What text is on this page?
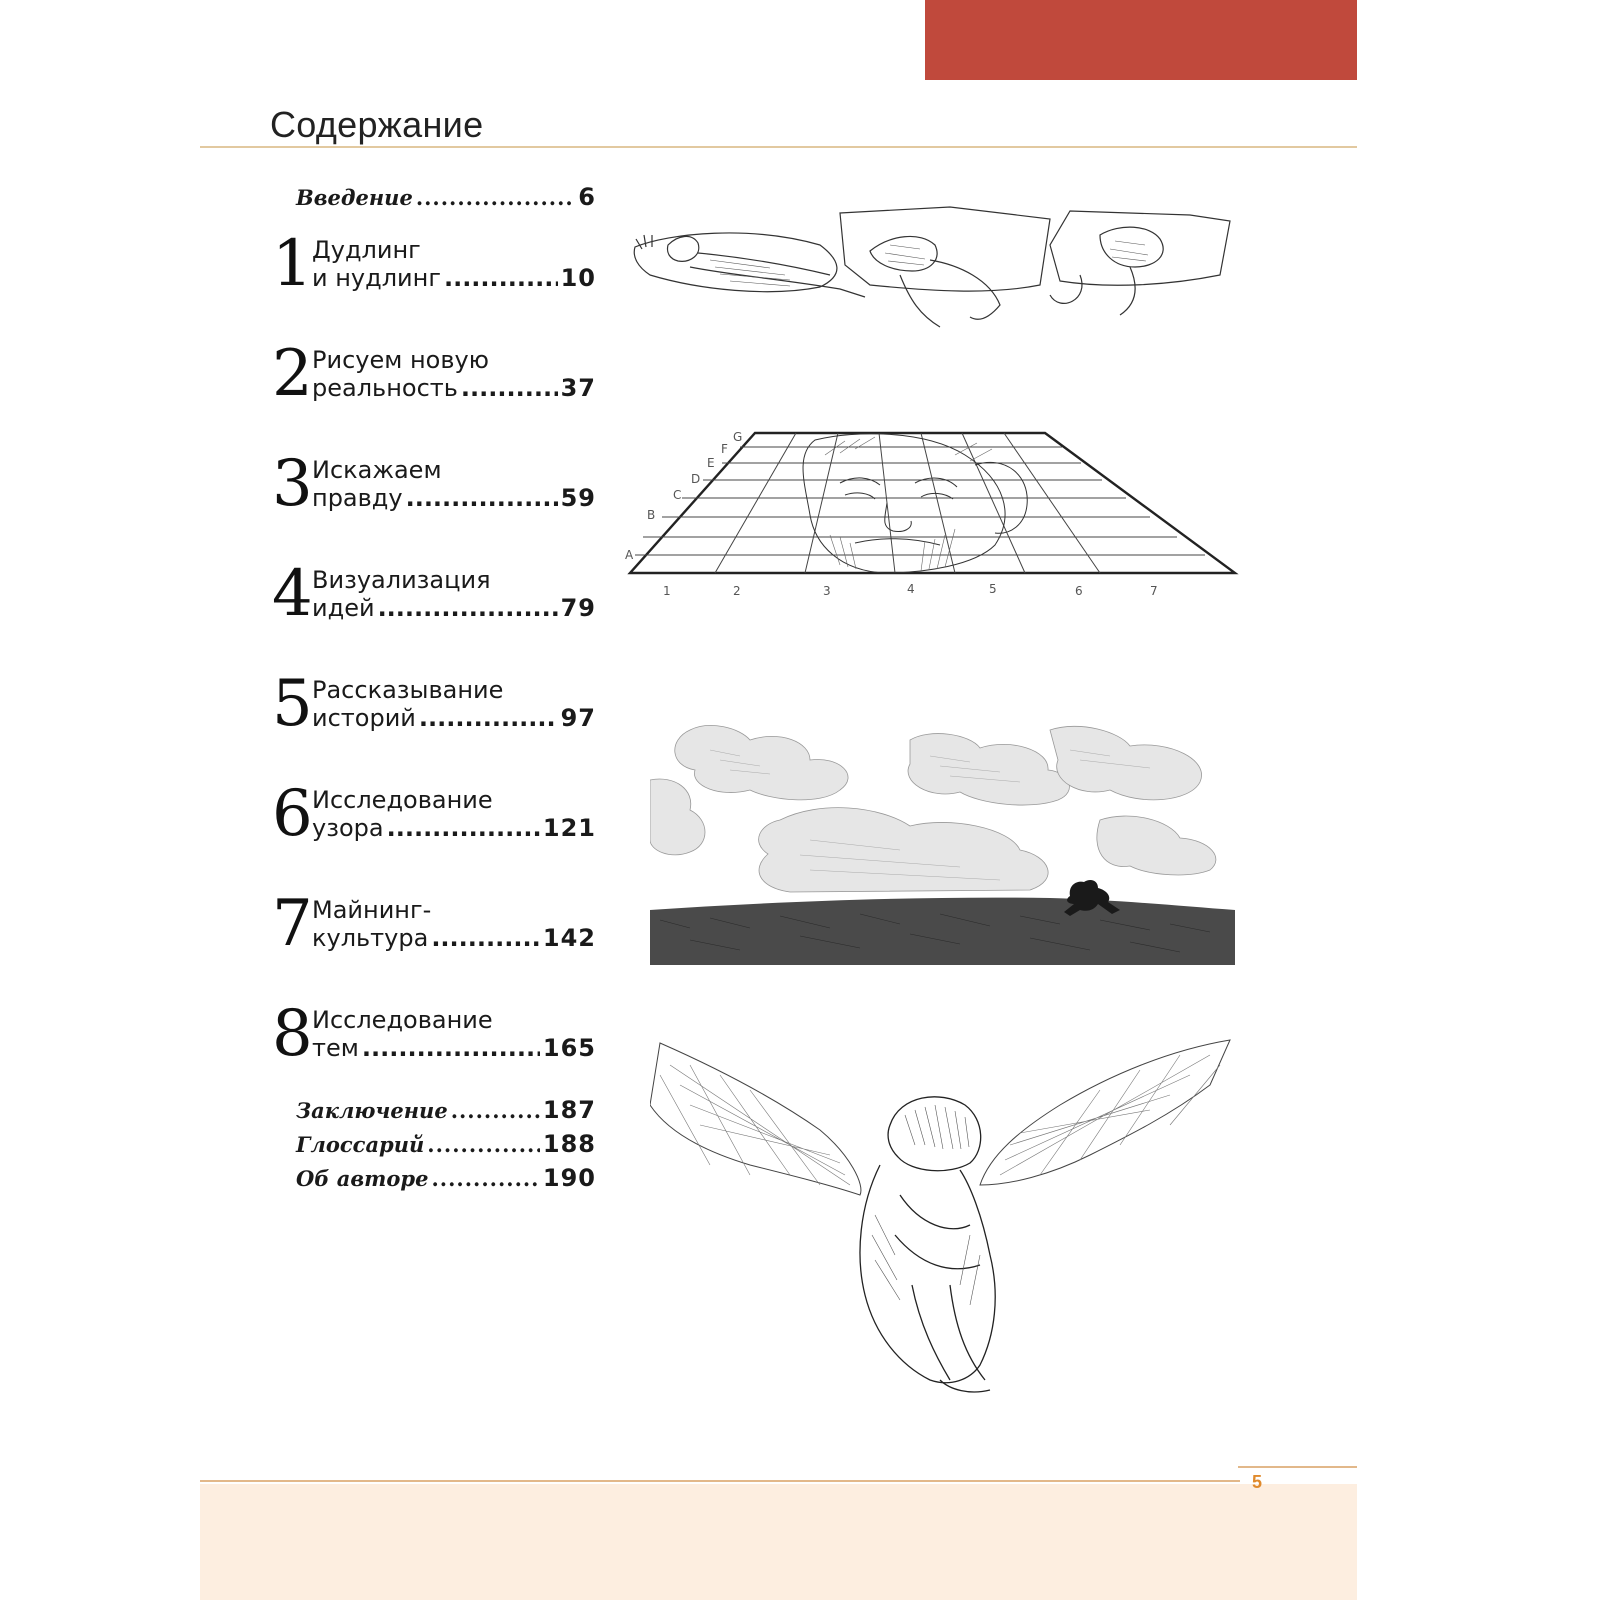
Содержание
Введение .....	6
1 Дудлинг
и нудлинг .....	10
2 Рисуем новую
реальность .....	37
3 Искажаем
правду .....	59
4 Визуализация
идей .....	79
5 Рассказывание
историй .....	97
6 Исследование
узора .....	121
7 Майнинг-
культура .....	142
8 Исследование
тем .....	165
Заключение .....	187
Глоссарий .....	188
Об авторе .....	190
1	2	3	4	5	6	7
A
B
C
D
E
F
G
5
